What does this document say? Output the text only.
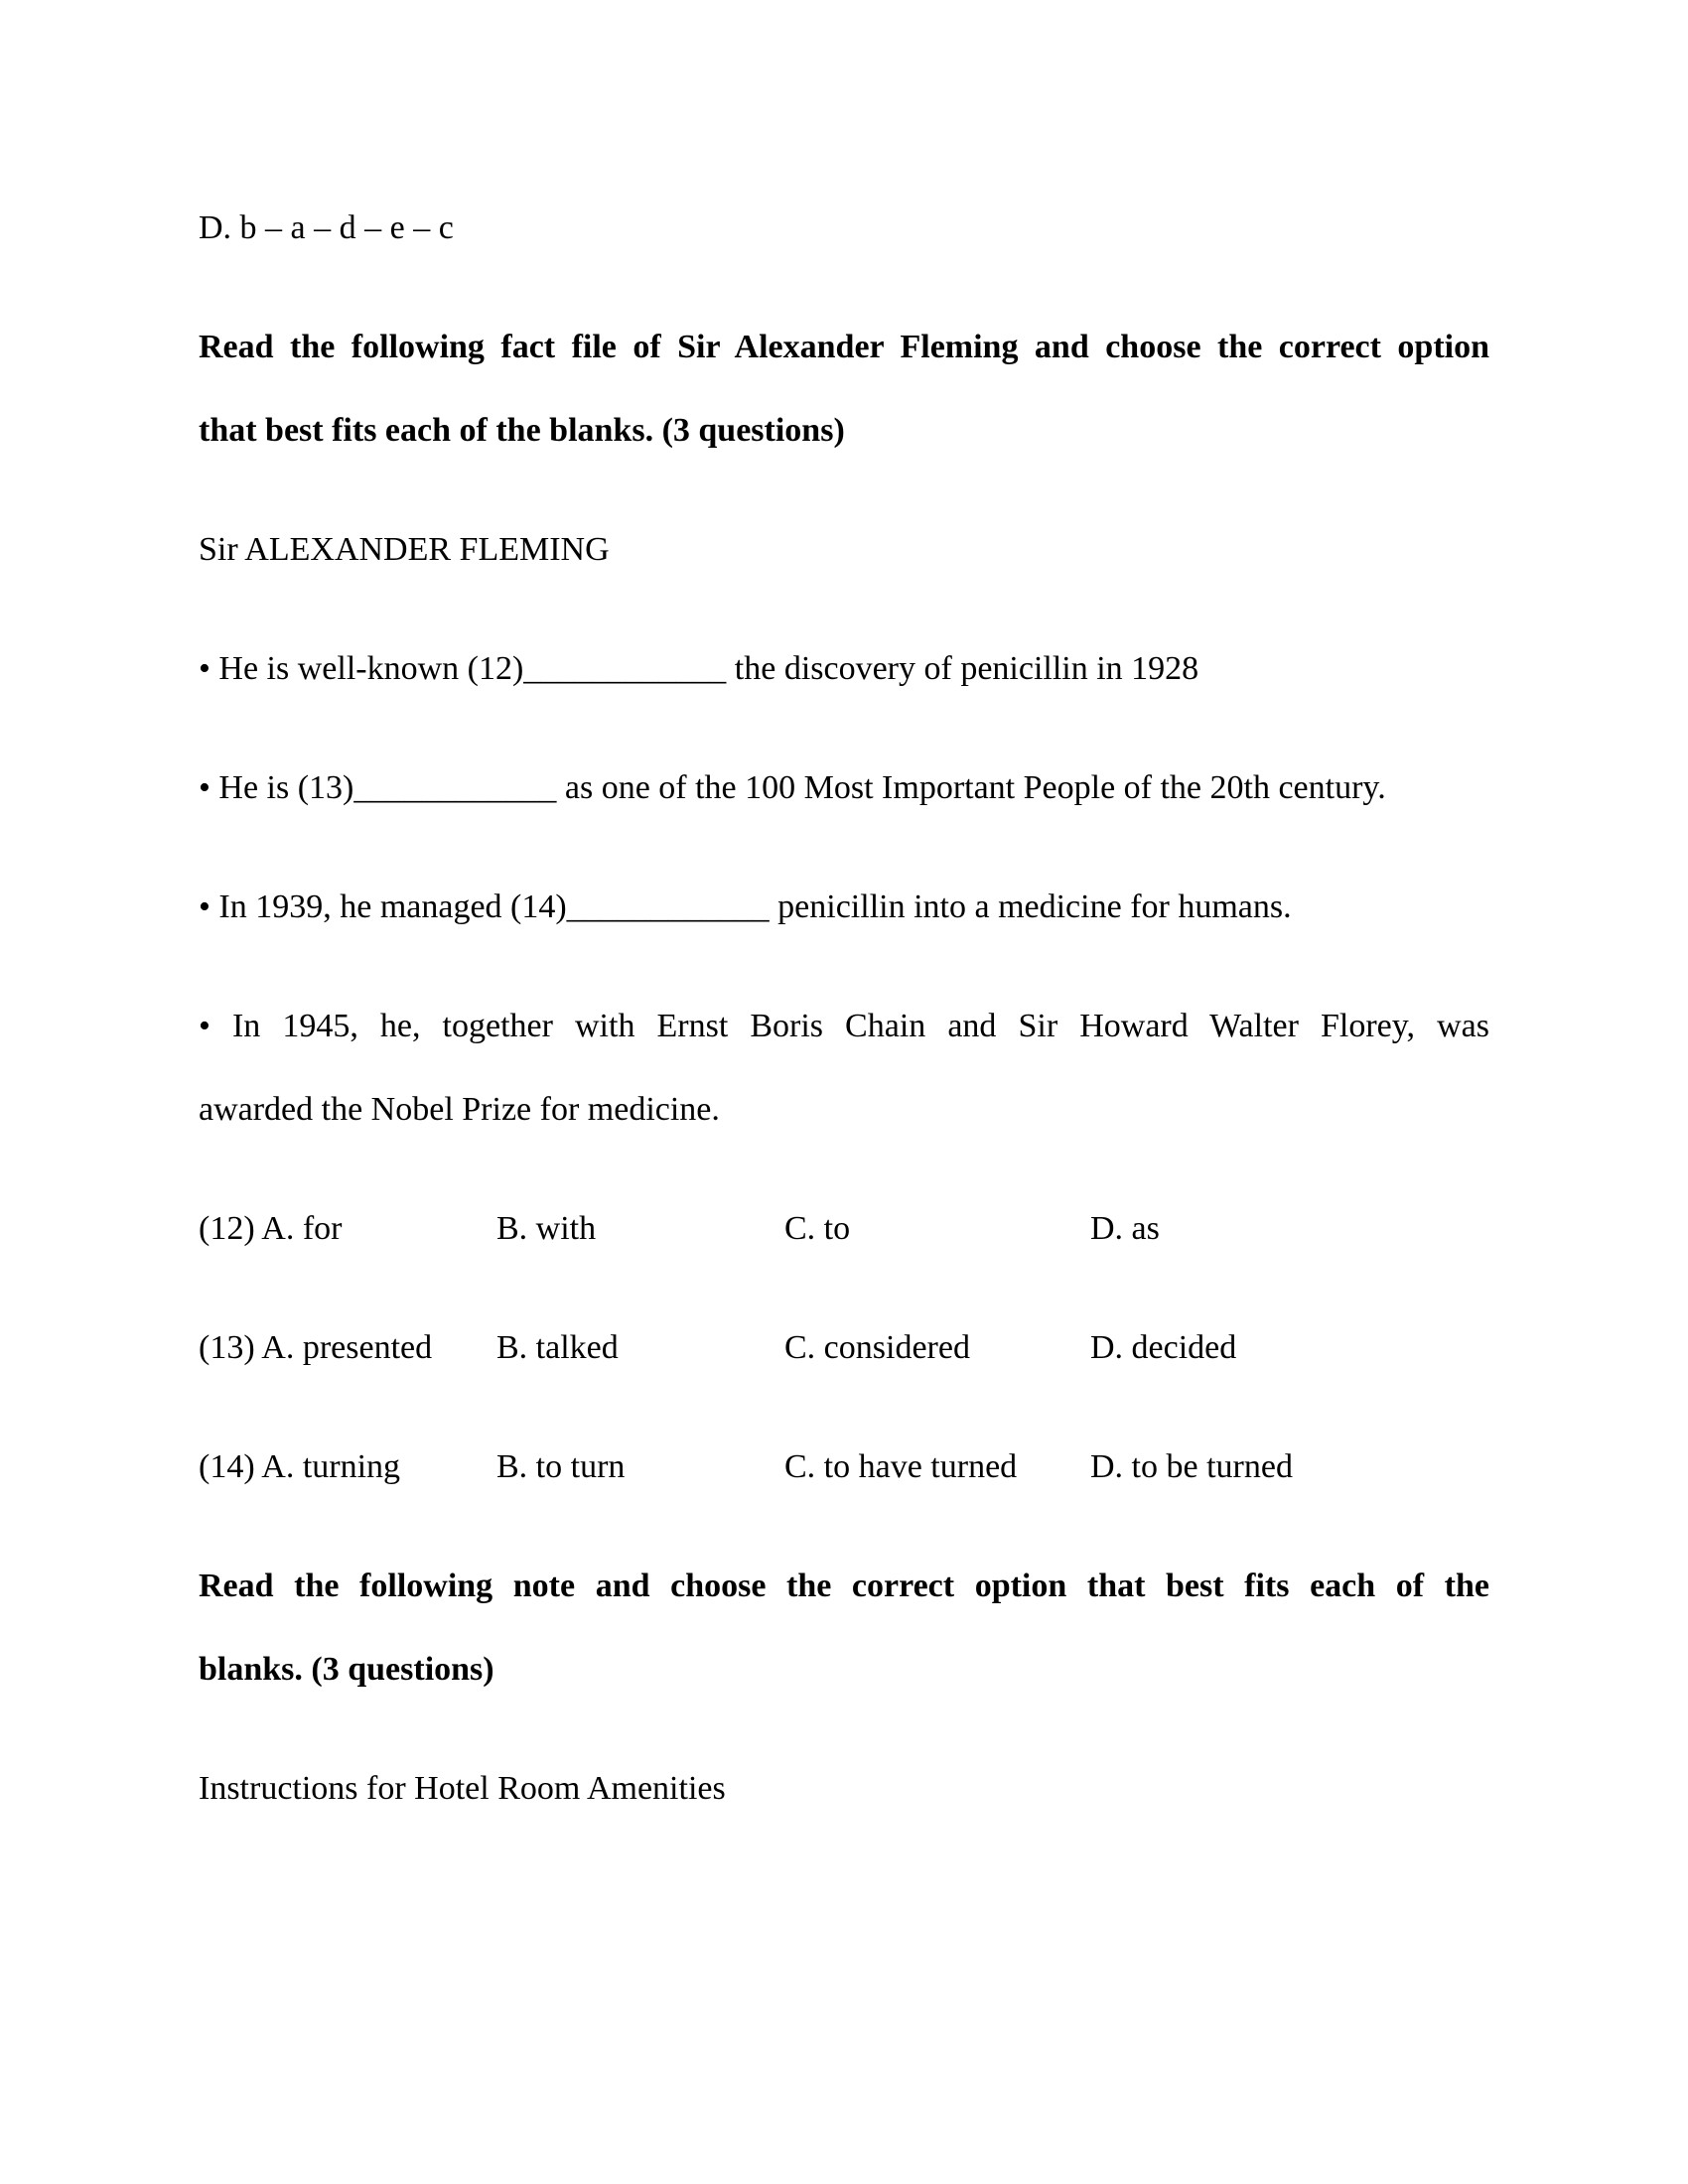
D. b – a – d – e – c
Read the following fact file of Sir Alexander Fleming and choose the correct option
that best fits each of the blanks. (3 questions)
Sir ALEXANDER FLEMING
• He is well-known (12)____________ the discovery of penicillin in 1928
• He is (13)____________ as one of the 100 Most Important People of the 20th century.
• In 1939, he managed (14)____________ penicillin into a medicine for humans.
• In 1945, he, together with Ernst Boris Chain and Sir Howard Walter Florey, was
awarded the Nobel Prize for medicine.
(12) A. for	B. with	C. to	D. as
(13) A. presented	B. talked	C. considered	D. decided
(14) A. turning	B. to turn	C. to have turned	D. to be turned
Read the following note and choose the correct option that best fits each of the
blanks. (3 questions)
Instructions for Hotel Room Amenities
